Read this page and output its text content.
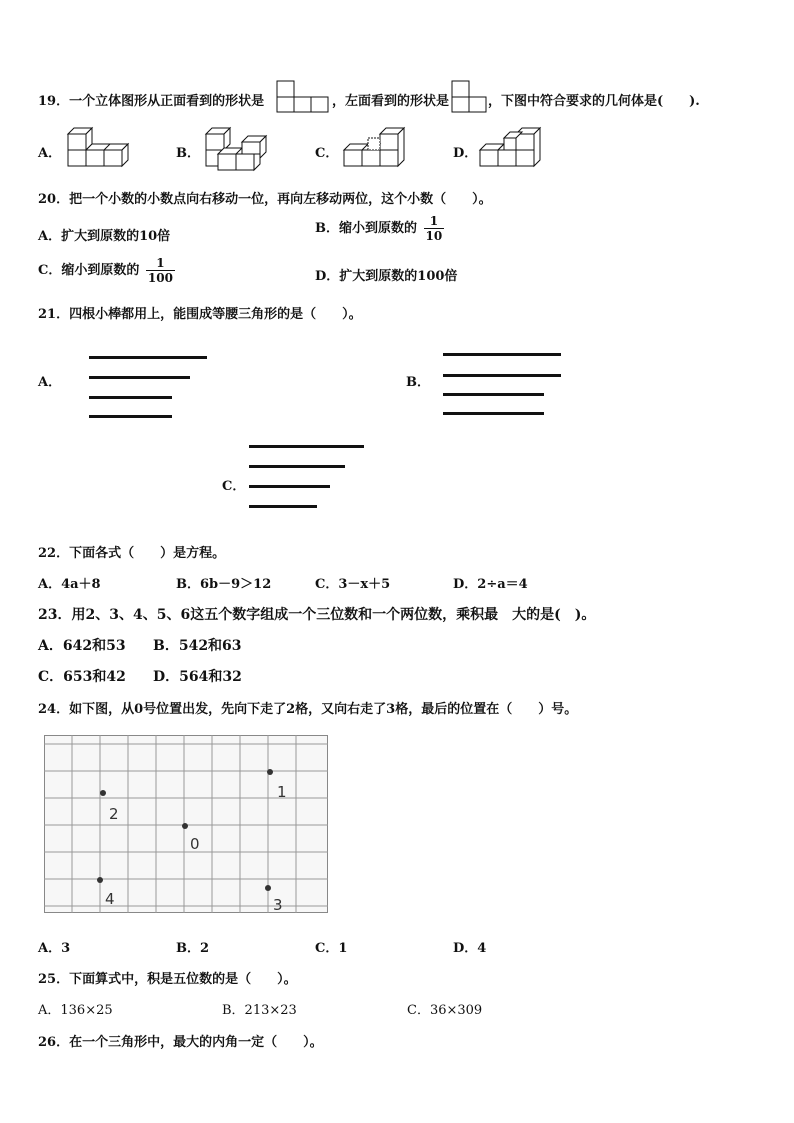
19．一个立体图形从正面看到的形状是	，左面看到的形状是	，下图中符合要求的几何体是(　　).
A．	B．	C．	D．
20．把一个小数的小数点向右移动一位，再向左移动两位，这个小数（　　）。
A．扩大到原数的10倍
B．缩小到原数的 $\frac{1}{10}$
C．缩小到原数的 $\frac{1}{100}$	D．扩大到原数的100倍
21．四根小棒都用上，能围成等腰三角形的是（　　）。
A．	B．
C．
22．下面各式（　　）是方程。
A．4a＋8	B．6b－9＞12	C．3－x＋5	D．2÷a＝4
23．用2、3、4、5、6这五个数字组成一个三位数和一个两位数，乘积最　大的是(　)。
A．642和53 B．542和63
C．653和42 D．564和32
24．如下图，从0号位置出发，先向下走了2格，又向右走了3格，最后的位置在（　　）号。
0
1
2
3
4
A．3	B．2	C．1	D．4
25．下面算式中，积是五位数的是（　　）。
A．136×25	B．213×23	C．36×309
26．在一个三角形中，最大的内角一定（　　）。
